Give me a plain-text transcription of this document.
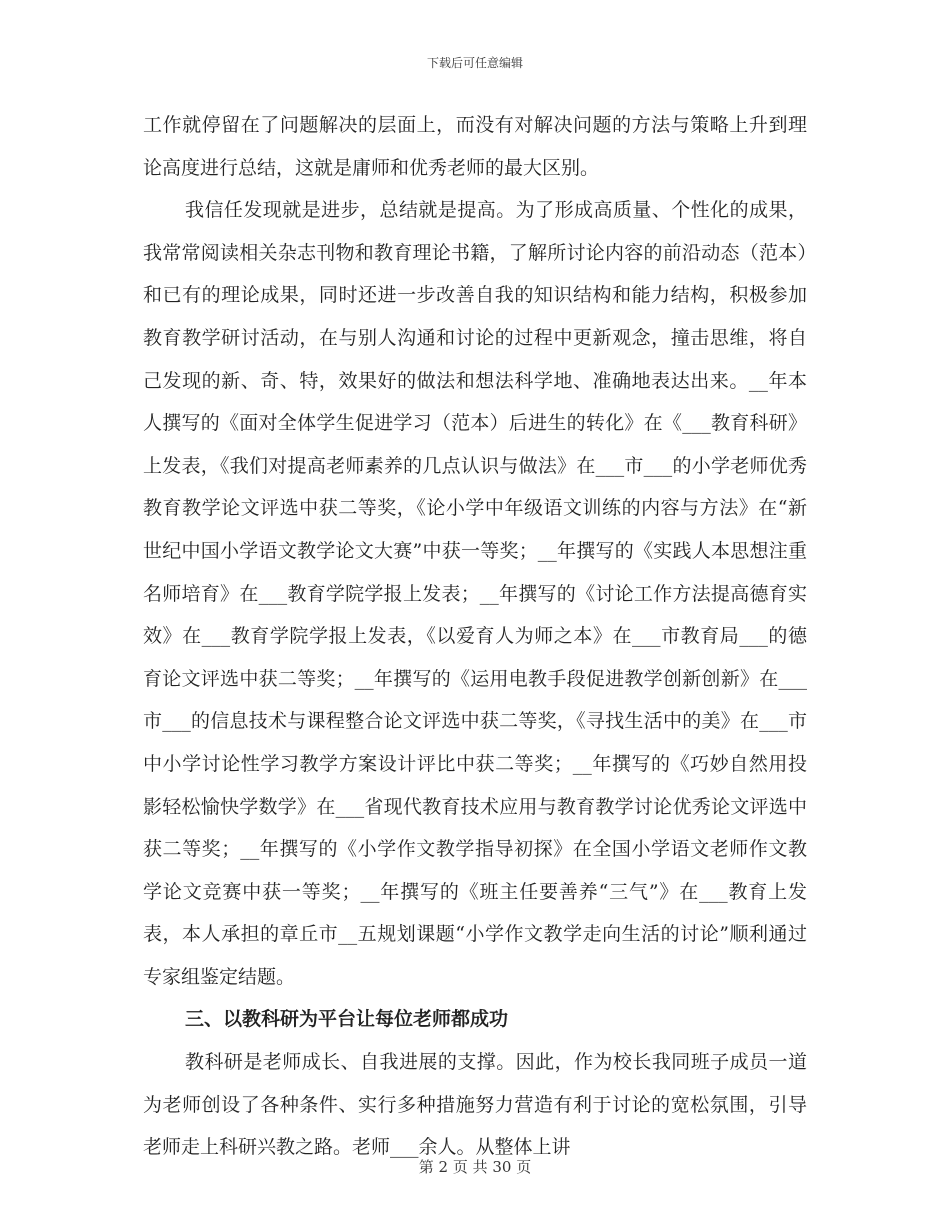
下载后可任意编辑

工作就停留在了问题解决的层面上，而没有对解决问题的方法与策略上升到理论高度进行总结，这就是庸师和优秀老师的最大区别。

我信任发现就是进步，总结就是提高。为了形成高质量、个性化的成果，我常常阅读相关杂志刊物和教育理论书籍，了解所讨论内容的前沿动态（范本）和已有的理论成果，同时还进一步改善自我的知识结构和能力结构，积极参加教育教学研讨活动，在与别人沟通和讨论的过程中更新观念，撞击思维，将自己发现的新、奇、特，效果好的做法和想法科学地、准确地表达出来。__年本人撰写的《面对全体学生促进学习（范本）后进生的转化》在《___教育科研》上发表，《我们对提高老师素养的几点认识与做法》在___市___的小学老师优秀教育教学论文评选中获二等奖，《论小学中年级语文训练的内容与方法》在“新世纪中国小学语文教学论文大赛”中获一等奖；__年撰写的《实践人本思想注重名师培育》在___教育学院学报上发表；__年撰写的《讨论工作方法提高德育实效》在___教育学院学报上发表，《以爱育人为师之本》在___市教育局___的德育论文评选中获二等奖；__年撰写的《运用电教手段促进教学创新创新》在___市___的信息技术与课程整合论文评选中获二等奖，《寻找生活中的美》在___市中小学讨论性学习教学方案设计评比中获二等奖；__年撰写的《巧妙自然用投影轻松愉快学数学》在___省现代教育技术应用与教育教学讨论优秀论文评选中获二等奖；__年撰写的《小学作文教学指导初探》在全国小学语文老师作文教学论文竞赛中获一等奖；__年撰写的《班主任要善养“三气”》在___教育上发表，本人承担的章丘市__五规划课题“小学作文教学走向生活的讨论”顺利通过专家组鉴定结题。

三、以教科研为平台让每位老师都成功

教科研是老师成长、自我进展的支撑。因此，作为校长我同班子成员一道为老师创设了各种条件、实行多种措施努力营造有利于讨论的宽松氛围，引导老师走上科研兴教之路。老师___余人。从整体上讲

第 2 页 共 30 页
